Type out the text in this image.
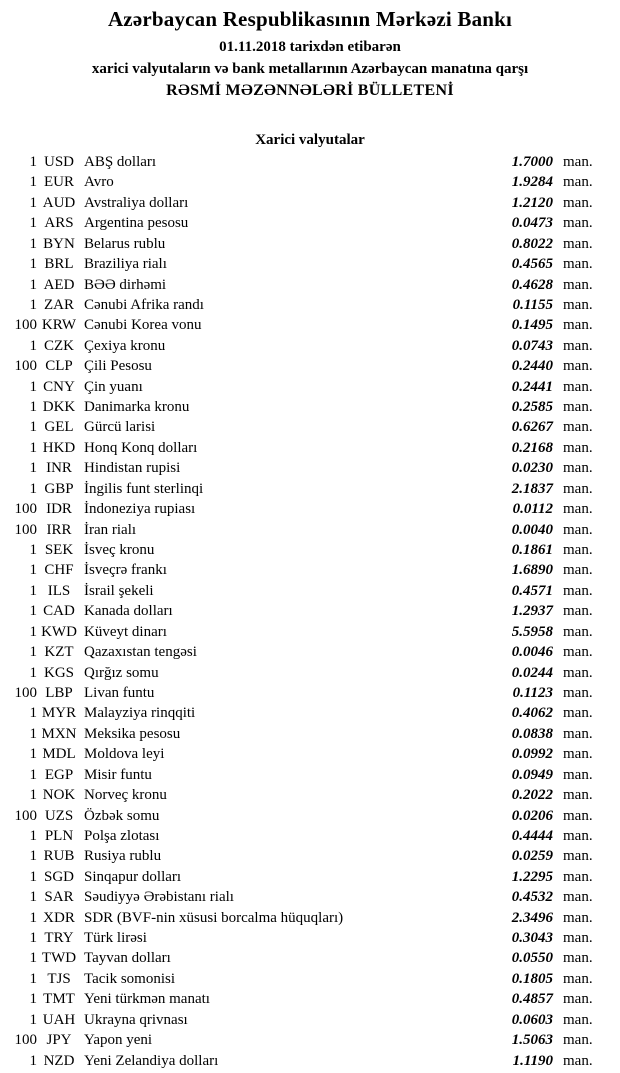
Azərbaycan Respublikasının Mərkəzi Bankı
01.11.2018 tarixdən etibarən
xarici valyutaların və bank metallarının Azərbaycan manatına qarşı
RƏSMİ MƏZƏNNƏLƏRİ BÜLLETENİ
Xarici valyutalar
1 USD ABŞ dolları	1.7000 man.
1 EUR Avro	1.9284 man.
1 AUD Avstraliya dolları	1.2120 man.
1 ARS Argentina pesosu	0.0473 man.
1 BYN Belarus rublu	0.8022 man.
1 BRL Braziliya rialı	0.4565 man.
1 AED BƏƏ dirhəmi	0.4628 man.
1 ZAR Cənubi Afrika randı	0.1155 man.
100 KRW Cənubi Korea vonu	0.1495 man.
1 CZK Çexiya kronu	0.0743 man.
100 CLP Çili Pesosu	0.2440 man.
1 CNY Çin yuanı	0.2441 man.
1 DKK Danimarka kronu	0.2585 man.
1 GEL Gürcü larisi	0.6267 man.
1 HKD Honq Konq dolları	0.2168 man.
1 INR Hindistan rupisi	0.0230 man.
1 GBP İngilis funt sterlinqi	2.1837 man.
100 IDR İndoneziya rupiası	0.0112 man.
100 IRR İran rialı	0.0040 man.
1 SEK İsveç kronu	0.1861 man.
1 CHF İsveçrə frankı	1.6890 man.
1 ILS İsrail şekeli	0.4571 man.
1 CAD Kanada dolları	1.2937 man.
1 KWD Küveyt dinarı	5.5958 man.
1 KZT Qazaxıstan tengəsi	0.0046 man.
1 KGS Qırğız somu	0.0244 man.
100 LBP Livan funtu	0.1123 man.
1 MYR Malayziya rinqqiti	0.4062 man.
1 MXN Meksika pesosu	0.0838 man.
1 MDL Moldova leyi	0.0992 man.
1 EGP Misir funtu	0.0949 man.
1 NOK Norveç kronu	0.2022 man.
100 UZS Özbək somu	0.0206 man.
1 PLN Polşa zlotası	0.4444 man.
1 RUB Rusiya rublu	0.0259 man.
1 SGD Sinqapur dolları	1.2295 man.
1 SAR Səudiyyə Ərəbistanı rialı	0.4532 man.
1 XDR SDR (BVF-nin xüsusi borcalma hüquqları)	2.3496 man.
1 TRY Türk lirəsi	0.3043 man.
1 TWD Tayvan dolları	0.0550 man.
1 TJS Tacik somonisi	0.1805 man.
1 TMT Yeni türkmən manatı	0.4857 man.
1 UAH Ukrayna qrivnası	0.0603 man.
100 JPY Yapon yeni	1.5063 man.
1 NZD Yeni Zelandiya dolları	1.1190 man.
